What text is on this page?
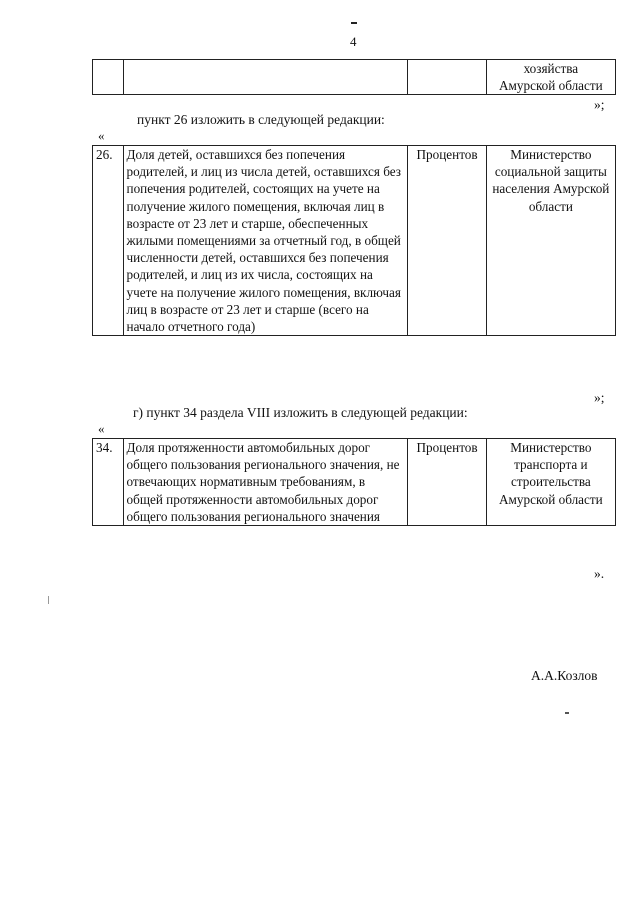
4

хозяйства
Амурской области
»;
пункт 26 изложить в следующей редакции:
«
26.	Доля детей, оставшихся без попечения родителей, и лиц из числа детей, оставшихся без попечения родителей, состоящих на учете на получение жилого помещения, включая лиц в возрасте от 23 лет и старше, обеспеченных жилыми помещениями за отчетный год, в общей численности детей, оставшихся без попечения родителей, и лиц из их числа, состоящих на учете на получение жилого помещения, включая лиц в возрасте от 23 лет и старше (всего на начало отчетного года)	Процентов	Министерство социальной защиты населения Амурской области
»;
г) пункт 34 раздела VIII изложить в следующей редакции:
«
34.	Доля протяженности автомобильных дорог общего пользования регионального значения, не отвечающих нормативным требованиям, в общей протяженности автомобильных дорог общего пользования регионального значения	Процентов	Министерство транспорта и строительства Амурской области
».
А.А.Козлов
